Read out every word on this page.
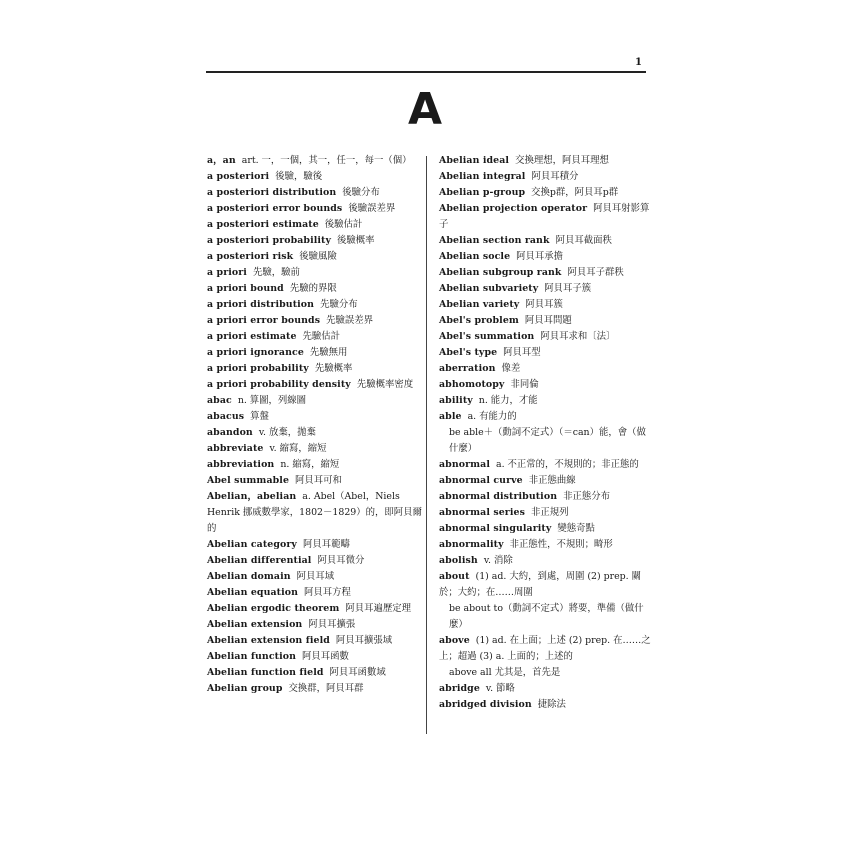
1
A
a，an art. 一，一個，其一，任一，每一（個）
a posteriori 後驗，驗後
a posteriori distribution 後驗分布
a posteriori error bounds 後驗誤差界
a posteriori estimate 後驗估計
a posteriori probability 後驗概率
a posteriori risk 後驗風險
a priori 先驗，驗前
a priori bound 先驗的界限
a priori distribution 先驗分布
a priori error bounds 先驗誤差界
a priori estimate 先驗估計
a priori ignorance 先驗無用
a priori probability 先驗概率
a priori probability density 先驗概率密度
abac n. 算圖，列線圖
abacus 算盤
abandon v. 放棄，拋棄
abbreviate v. 縮寫，縮短
abbreviation n. 縮寫，縮短
Abel summable 阿貝耳可和
Abelian，abelian a. Abel（Abel，Niels Henrik 挪威數學家，1802－1829）的，即阿貝爾的
Abelian category 阿貝耳範疇
Abelian differential 阿貝耳微分
Abelian domain 阿貝耳域
Abelian equation 阿貝耳方程
Abelian ergodic theorem 阿貝耳遍歷定理
Abelian extension 阿貝耳擴張
Abelian extension field 阿貝耳擴張域
Abelian function 阿貝耳函數
Abelian function field 阿貝耳函數域
Abelian group 交換群，阿貝耳群
Abelian ideal 交換理想，阿貝耳理想
Abelian integral 阿貝耳積分
Abelian p-group 交換p群，阿貝耳p群
Abelian projection operator 阿貝耳射影算子
Abelian section rank 阿貝耳截面秩
Abelian socle 阿貝耳承擔
Abelian subgroup rank 阿貝耳子群秩
Abelian subvariety 阿貝耳子簇
Abelian variety 阿貝耳簇
Abel's problem 阿貝耳問題
Abel's summation 阿貝耳求和〔法〕
Abel's type 阿貝耳型
aberration 像差
abhomotopy 非同倫
ability n. 能力，才能
able a. 有能力的
be able＋（動詞不定式）（＝can）能，會（做什麼）
abnormal a. 不正常的，不規則的；非正態的
abnormal curve 非正態曲線
abnormal distribution 非正態分布
abnormal series 非正規列
abnormal singularity 變態奇點
abnormality 非正態性，不規則；畸形
abolish v. 消除
about (1) ad. 大約，到處，周圍 (2) prep. 關於；大約；在……周圍
be about to（動詞不定式）將要，準備（做什麼）
above (1) ad. 在上面；上述 (2) prep. 在……之上；超過 (3) a. 上面的；上述的
above all 尤其是，首先是
abridge v. 節略
abridged division 捷除法
